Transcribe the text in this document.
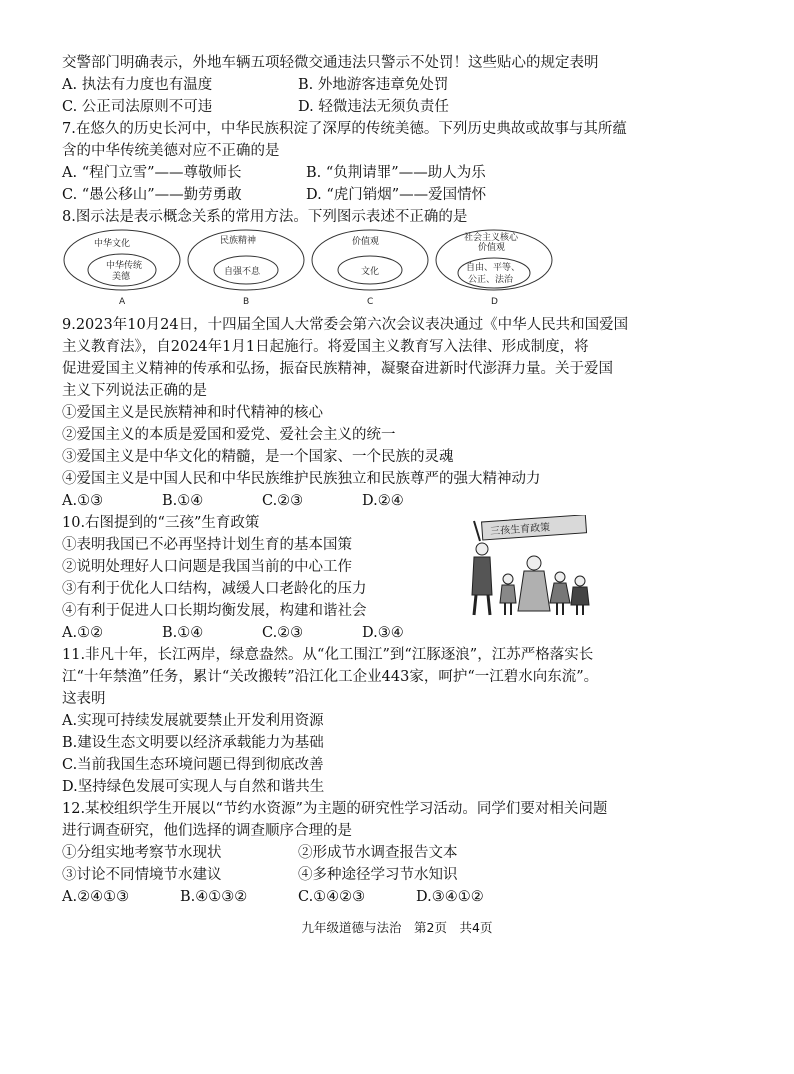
交警部门明确表示，外地车辆五项轻微交通违法只警示不处罚！这些贴心的规定表明
A. 执法有力度也有温度	B. 外地游客违章免处罚
C. 公正司法原则不可违	D. 轻微违法无须负责任
7.在悠久的历史长河中，中华民族积淀了深厚的传统美德。下列历史典故或故事与其所蕴
含的中华传统美德对应不正确的是
A. “程门立雪”——尊敬师长	B. “负荆请罪”——助人为乐
C. “愚公移山”——勤劳勇敢	D. “虎门销烟”——爱国情怀
8.图示法是表示概念关系的常用方法。下列图示表述不正确的是
中华文化
中华传统
美德
A
民族精神
自强不息
B
价值观
文化
C
社会主义核心
价值观
自由、平等、
公正、法治
D
9.2023年10月24日，十四届全国人大常委会第六次会议表决通过《中华人民共和国爱国
主义教育法》，自2024年1月1日起施行。将爱国主义教育写入法律、形成制度，将
促进爱国主义精神的传承和弘扬，振奋民族精神，凝聚奋进新时代澎湃力量。关于爱国
主义下列说法正确的是
①爱国主义是民族精神和时代精神的核心
②爱国主义的本质是爱国和爱党、爱社会主义的统一
③爱国主义是中华文化的精髓，是一个国家、一个民族的灵魂
④爱国主义是中国人民和中华民族维护民族独立和民族尊严的强大精神动力
A.①③	B.①④	C.②③	D.②④
10.右图提到的“三孩”生育政策
①表明我国已不必再坚持计划生育的基本国策
②说明处理好人口问题是我国当前的中心工作
③有利于优化人口结构，减缓人口老龄化的压力
④有利于促进人口长期均衡发展，构建和谐社会
A.①②	B.①④	C.②③	D.③④
三孩生育政策
11.非凡十年，长江两岸，绿意盎然。从“化工围江”到“江豚逐浪”，江苏严格落实长
江“十年禁渔”任务，累计“关改搬转”沿江化工企业443家，呵护“一江碧水向东流”。
这表明
A.实现可持续发展就要禁止开发利用资源
B.建设生态文明要以经济承载能力为基础
C.当前我国生态环境问题已得到彻底改善
D.坚持绿色发展可实现人与自然和谐共生
12.某校组织学生开展以“节约水资源”为主题的研究性学习活动。同学们要对相关问题
进行调查研究，他们选择的调查顺序合理的是
①分组实地考察节水现状	②形成节水调查报告文本
③讨论不同情境节水建议	④多种途径学习节水知识
A.②④①③	B.④①③②	C.①④②③	D.③④①②
九年级道德与法治　第2页　共4页
